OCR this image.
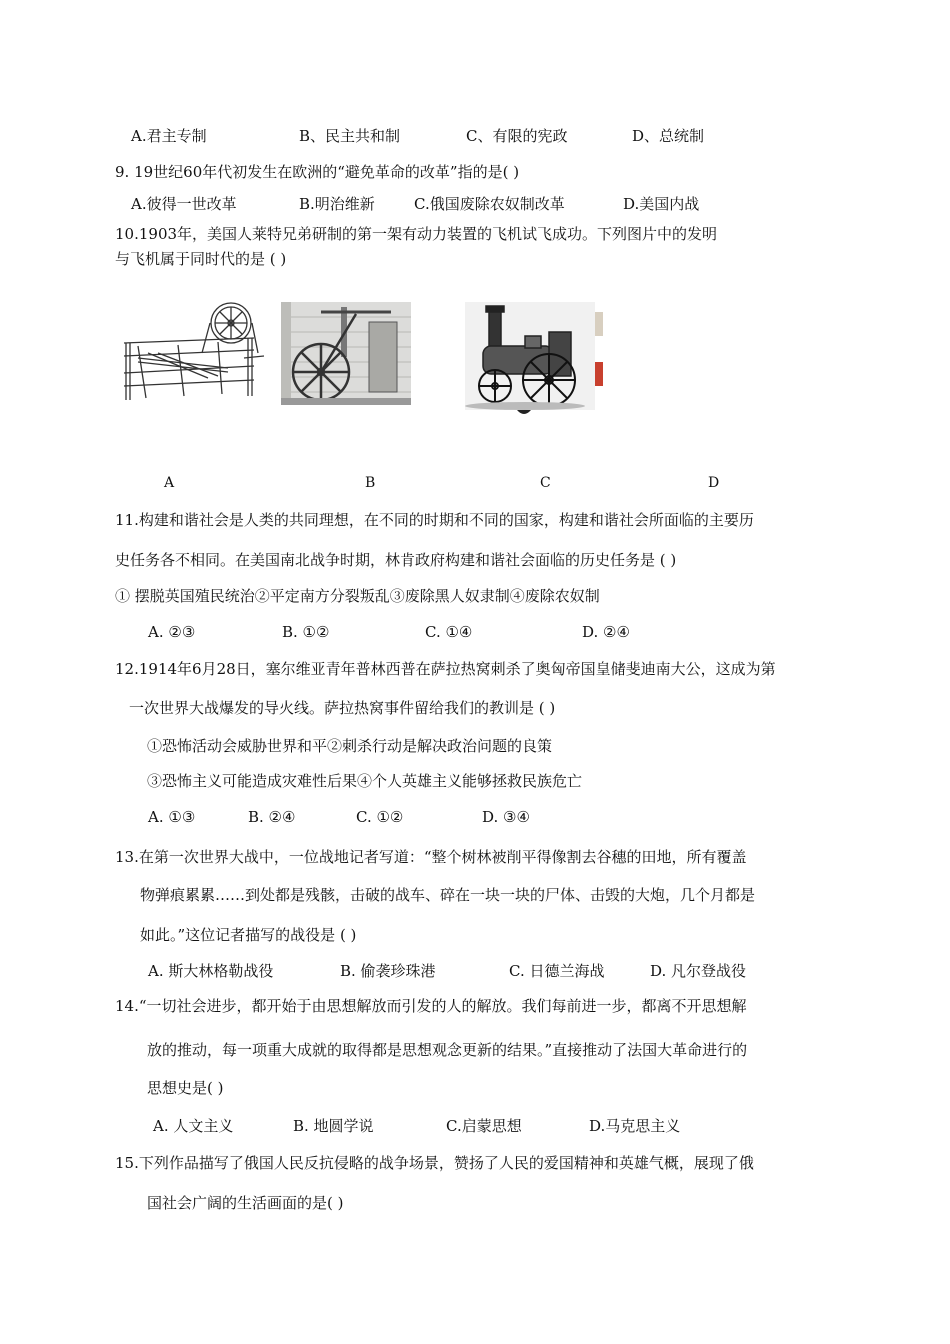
A.君主专制	B、民主共和制	C、有限的宪政	D、总统制
9. 19世纪60年代初发生在欧洲的“避免革命的改革”指的是( )
A.彼得一世改革	B.明治维新	C.俄国废除农奴制改革	D.美国内战
10.1903年，美国人莱特兄弟研制的第一架有动力装置的飞机试飞成功。下列图片中的发明
与飞机属于同时代的是 ( )
A	B	C	D
11.构建和谐社会是人类的共同理想，在不同的时期和不同的国家，构建和谐社会所面临的主要历
史任务各不相同。在美国南北战争时期，林肯政府构建和谐社会面临的历史任务是 ( )
① 摆脱英国殖民统治②平定南方分裂叛乱③废除黑人奴隶制④废除农奴制
A. ②③	B. ①②	C. ①④	D. ②④
12.1914年6月28日，塞尔维亚青年普林西普在萨拉热窝刺杀了奥匈帝国皇储斐迪南大公，这成为第
一次世界大战爆发的导火线。萨拉热窝事件留给我们的教训是 ( )
①恐怖活动会威胁世界和平②刺杀行动是解决政治问题的良策
③恐怖主义可能造成灾难性后果④个人英雄主义能够拯救民族危亡
A. ①③	B. ②④	C. ①②	D. ③④
13.在第一次世界大战中，一位战地记者写道：“整个树林被削平得像割去谷穗的田地，所有覆盖
物弹痕累累……到处都是残骸，击破的战车、碎在一块一块的尸体、击毁的大炮，几个月都是
如此。”这位记者描写的战役是 ( )
A. 斯大林格勒战役	B. 偷袭珍珠港	C. 日德兰海战	D. 凡尔登战役
14.“一切社会进步，都开始于由思想解放而引发的人的解放。我们每前进一步，都离不开思想解
放的推动，每一项重大成就的取得都是思想观念更新的结果。”直接推动了法国大革命进行的
思想史是( )
A. 人文主义	B. 地圆学说	C.启蒙思想	D.马克思主义
15.下列作品描写了俄国人民反抗侵略的战争场景，赞扬了人民的爱国精神和英雄气概，展现了俄
国社会广阔的生活画面的是( )
